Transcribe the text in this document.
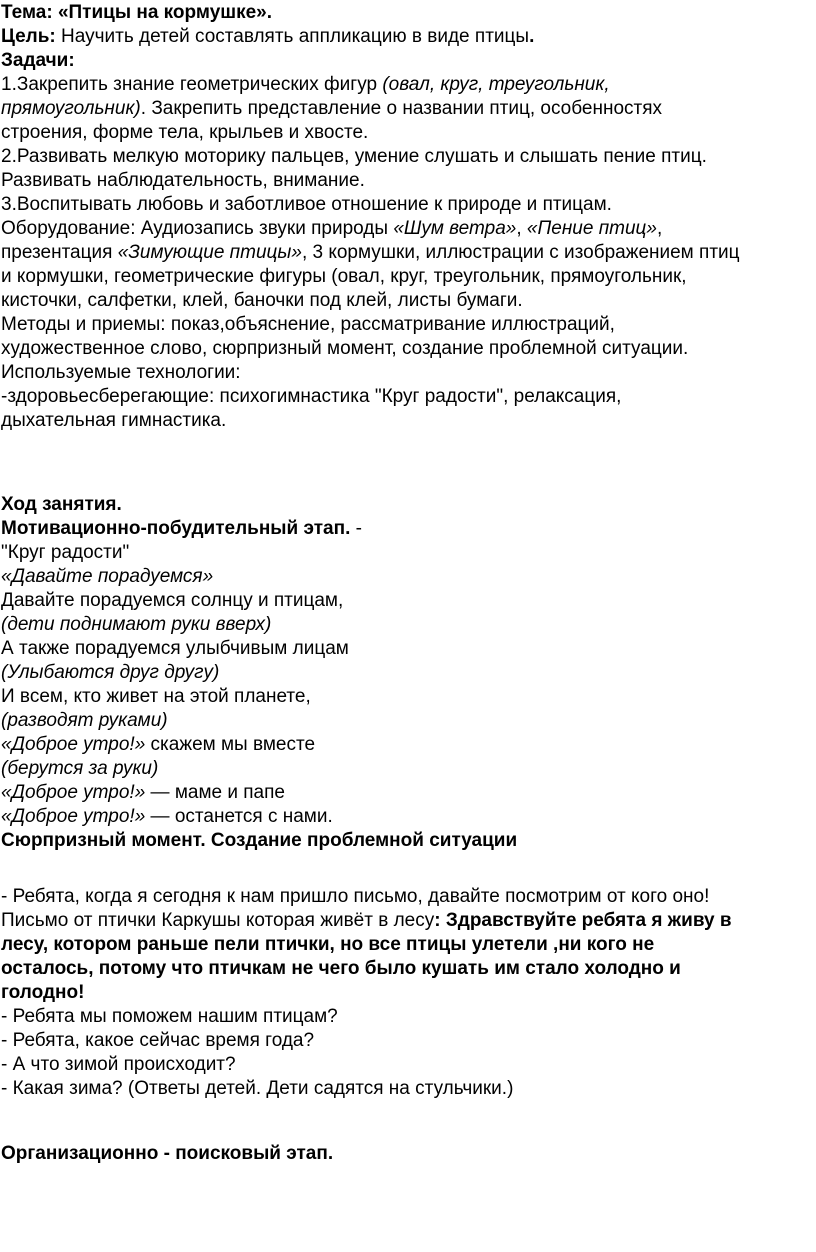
Тема: «Птицы на кормушке».
Цель: Научить детей составлять аппликацию в виде птицы.
Задачи:
1.Закрепить знание геометрических фигур (овал, круг, треугольник,
прямоугольник). Закрепить представление о названии птиц, особенностях
строения, форме тела, крыльев и хвосте.
2.Развивать мелкую моторику пальцев, умение слушать и слышать пение птиц.
Развивать наблюдательность, внимание.
3.Воспитывать любовь и заботливое отношение к природе и птицам.
Оборудование: Аудиозапись звуки природы «Шум ветра», «Пение птиц»,
презентация «Зимующие птицы», 3 кормушки, иллюстрации с изображением птиц
и кормушки, геометрические фигуры (овал, круг, треугольник, прямоугольник,
кисточки, салфетки, клей, баночки под клей, листы бумаги.
Методы и приемы: показ,объяснение, рассматривание иллюстраций,
художественное слово, сюрпризный момент, создание проблемной ситуации.
Используемые технологии:
-здоровьесберегающие: психогимнастика "Круг радости", релаксация,
дыхательная гимнастика.
Ход занятия.
Мотивационно-побудительный этап. -
"Круг радости"
«Давайте порадуемся»
Давайте порадуемся солнцу и птицам,
(дети поднимают руки вверх)
А также порадуемся улыбчивым лицам
(Улыбаются друг другу)
И всем, кто живет на этой планете,
(разводят руками)
«Доброе утро!» скажем мы вместе
(берутся за руки)
«Доброе утро!» — маме и папе
«Доброе утро!» — останется с нами.
Сюрпризный момент. Создание проблемной ситуации
- Ребята, когда я сегодня к нам пришло письмо, давайте посмотрим от кого оно!
Письмо от птички Каркушы которая живёт в лесу: Здравствуйте ребята я живу в
лесу, котором раньше пели птички, но все птицы улетели ,ни кого не
осталось, потому что птичкам не чего было кушать им стало холодно и
голодно!
- Ребята мы поможем нашим птицам?
- Ребята, какое сейчас время года?
- А что зимой происходит?
- Какая зима? (Ответы детей. Дети садятся на стульчики.)
Организационно - поисковый этап.
